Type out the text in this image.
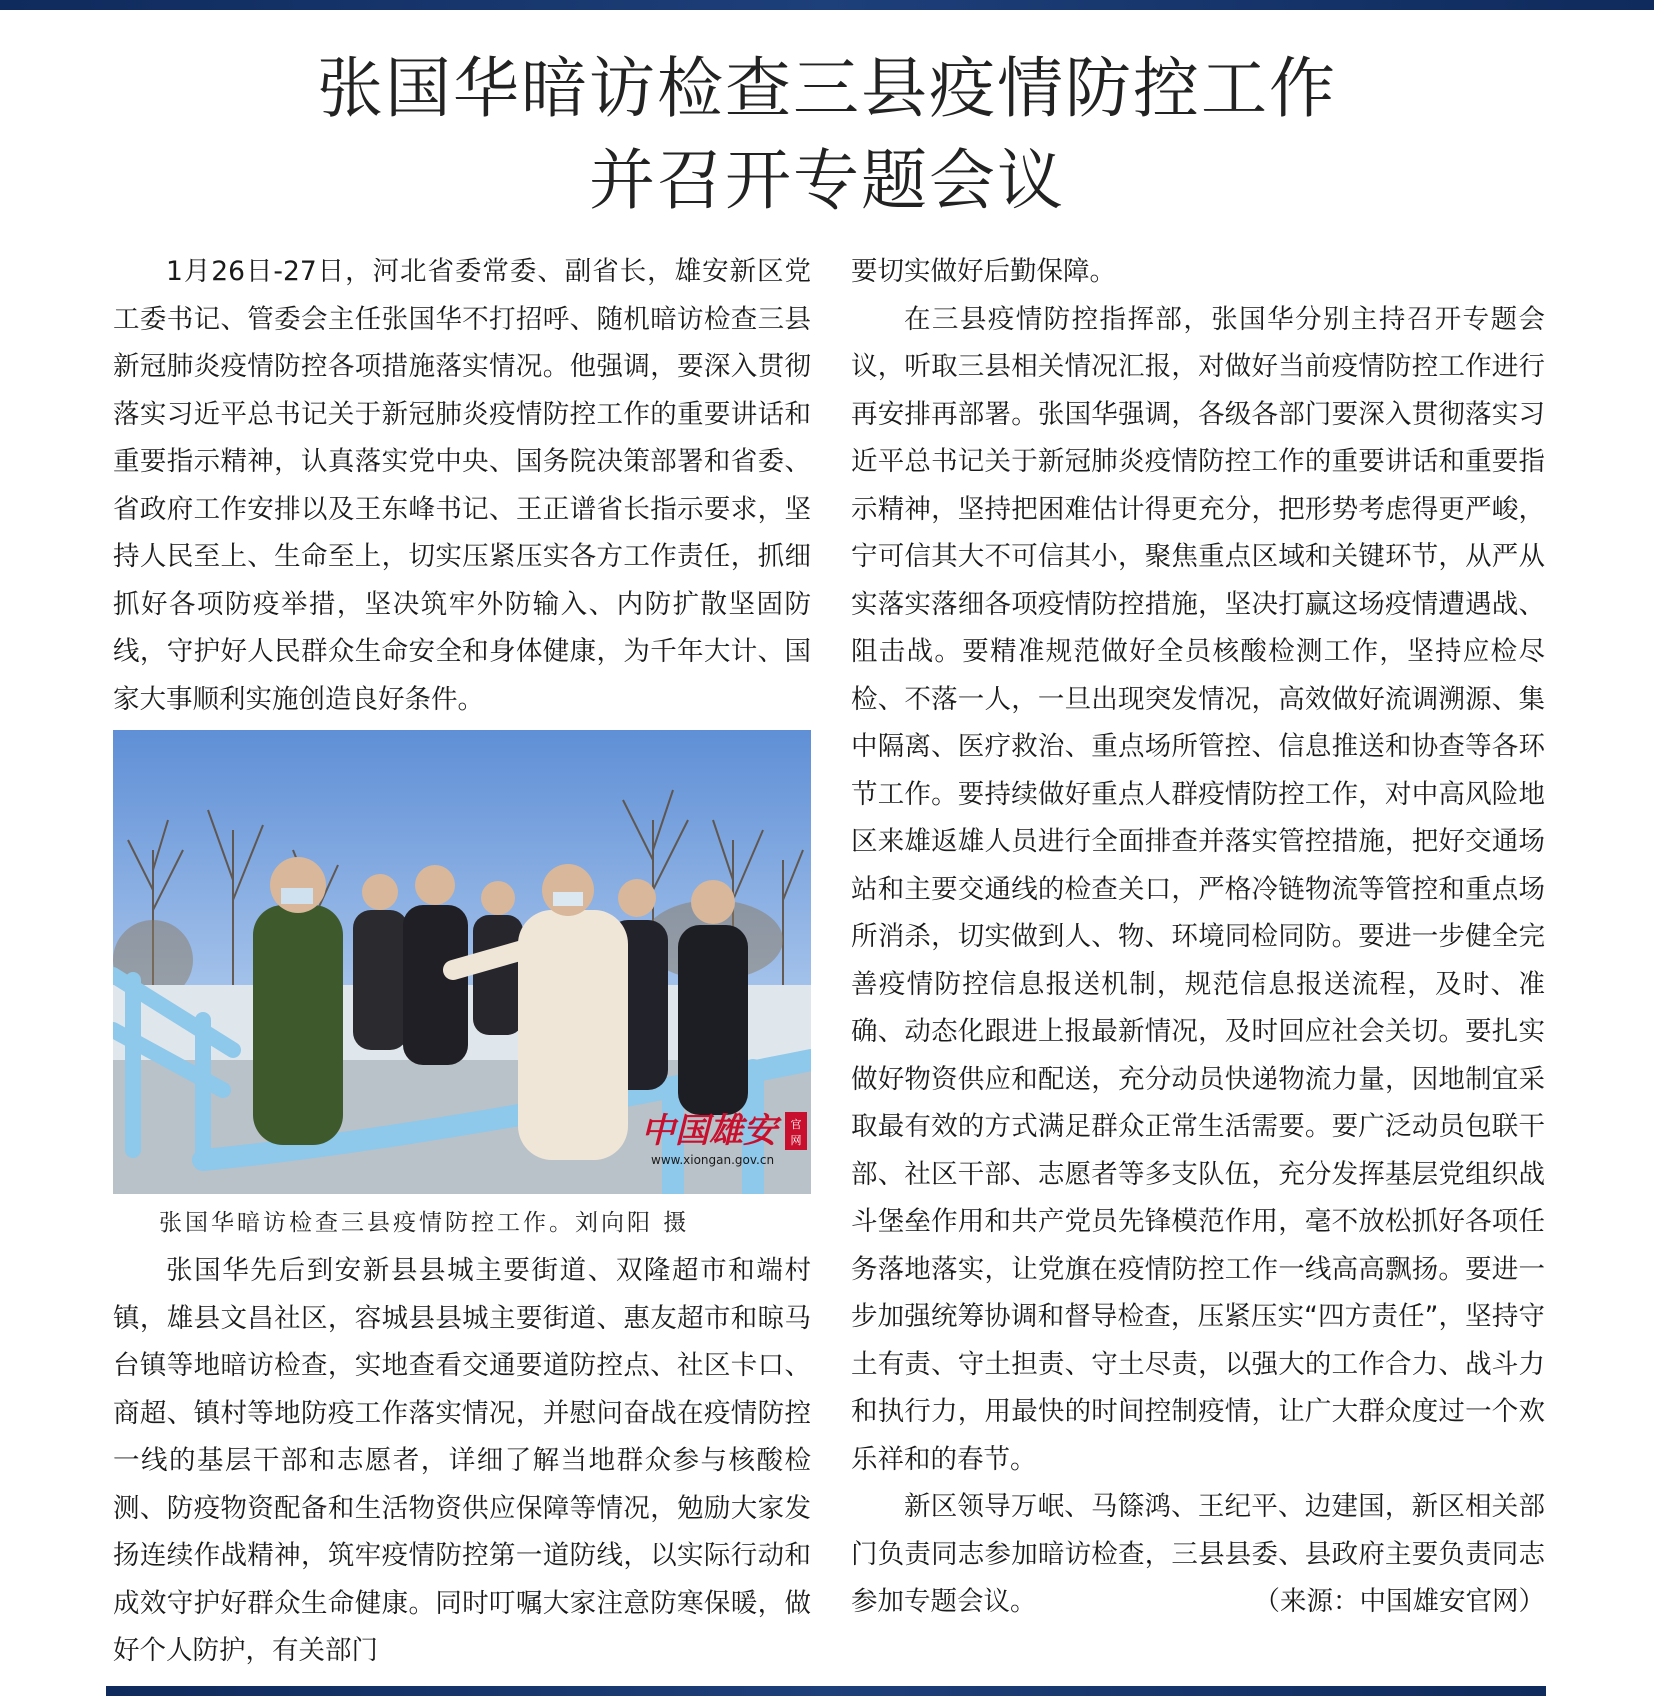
张国华暗访检查三县疫情防控工作
并召开专题会议

1月26日-27日，河北省委常委、副省长，雄安新区党工委书记、管委会主任张国华不打招呼、随机暗访检查三县新冠肺炎疫情防控各项措施落实情况。他强调，要深入贯彻落实习近平总书记关于新冠肺炎疫情防控工作的重要讲话和重要指示精神，认真落实党中央、国务院决策部署和省委、省政府工作安排以及王东峰书记、王正谱省长指示要求，坚持人民至上、生命至上，切实压紧压实各方工作责任，抓细抓好各项防疫举措，坚决筑牢外防输入、内防扩散坚固防线，守护好人民群众生命安全和身体健康，为千年大计、国家大事顺利实施创造良好条件。

中国雄安	官
网
www.xiongan.gov.cn

张国华暗访检查三县疫情防控工作。刘向阳 摄

张国华先后到安新县县城主要街道、双隆超市和端村镇，雄县文昌社区，容城县县城主要街道、惠友超市和晾马台镇等地暗访检查，实地查看交通要道防控点、社区卡口、商超、镇村等地防疫工作落实情况，并慰问奋战在疫情防控一线的基层干部和志愿者，详细了解当地群众参与核酸检测、防疫物资配备和生活物资供应保障等情况，勉励大家发扬连续作战精神，筑牢疫情防控第一道防线，以实际行动和成效守护好群众生命健康。同时叮嘱大家注意防寒保暖，做好个人防护，有关部门

要切实做好后勤保障。

在三县疫情防控指挥部，张国华分别主持召开专题会议，听取三县相关情况汇报，对做好当前疫情防控工作进行再安排再部署。张国华强调，各级各部门要深入贯彻落实习近平总书记关于新冠肺炎疫情防控工作的重要讲话和重要指示精神，坚持把困难估计得更充分，把形势考虑得更严峻，宁可信其大不可信其小，聚焦重点区域和关键环节，从严从实落实落细各项疫情防控措施，坚决打赢这场疫情遭遇战、阻击战。要精准规范做好全员核酸检测工作，坚持应检尽检、不落一人，一旦出现突发情况，高效做好流调溯源、集中隔离、医疗救治、重点场所管控、信息推送和协查等各环节工作。要持续做好重点人群疫情防控工作，对中高风险地区来雄返雄人员进行全面排查并落实管控措施，把好交通场站和主要交通线的检查关口，严格冷链物流等管控和重点场所消杀，切实做到人、物、环境同检同防。要进一步健全完善疫情防控信息报送机制，规范信息报送流程，及时、准确、动态化跟进上报最新情况，及时回应社会关切。要扎实做好物资供应和配送，充分动员快递物流力量，因地制宜采取最有效的方式满足群众正常生活需要。要广泛动员包联干部、社区干部、志愿者等多支队伍，充分发挥基层党组织战斗堡垒作用和共产党员先锋模范作用，毫不放松抓好各项任务落地落实，让党旗在疫情防控工作一线高高飘扬。要进一步加强统筹协调和督导检查，压紧压实“四方责任”，坚持守土有责、守土担责、守土尽责，以强大的工作合力、战斗力和执行力，用最快的时间控制疫情，让广大群众度过一个欢乐祥和的春节。

新区领导万岷、马篨鸿、王纪平、边建国，新区相关部门负责同志参加暗访检查，三县县委、县政府主要负责同志参加专题会议。	（来源：中国雄安官网）
